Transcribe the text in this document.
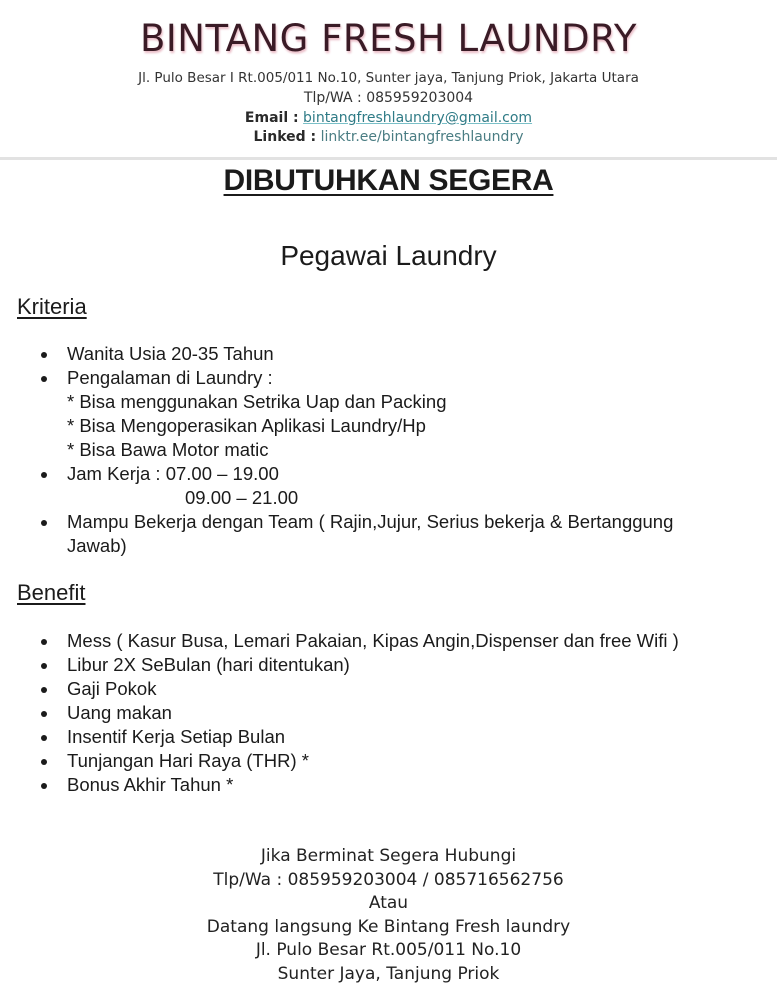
BINTANG FRESH LAUNDRY
Jl. Pulo Besar I Rt.005/011 No.10, Sunter jaya, Tanjung Priok, Jakarta Utara
Tlp/WA : 085959203004
Email : bintangfreshlaundry@gmail.com
Linked : linktr.ee/bintangfreshlaundry
DIBUTUHKAN SEGERA
Pegawai Laundry
Kriteria
Wanita Usia 20-35 Tahun
Pengalaman di Laundry :
* Bisa menggunakan Setrika Uap dan Packing
* Bisa Mengoperasikan Aplikasi Laundry/Hp
* Bisa Bawa Motor matic
Jam Kerja : 07.00 – 19.00
09.00 – 21.00
Mampu Bekerja dengan Team ( Rajin,Jujur, Serius bekerja & Bertanggung Jawab)
Benefit
Mess ( Kasur Busa, Lemari Pakaian, Kipas Angin,Dispenser dan free Wifi )
Libur 2X SeBulan (hari ditentukan)
Gaji Pokok
Uang makan
Insentif Kerja Setiap Bulan
Tunjangan Hari Raya (THR) *
Bonus Akhir Tahun *
Jika Berminat Segera Hubungi
Tlp/Wa : 085959203004 / 085716562756
Atau
Datang langsung Ke Bintang Fresh laundry
Jl. Pulo Besar Rt.005/011 No.10
Sunter Jaya, Tanjung Priok
